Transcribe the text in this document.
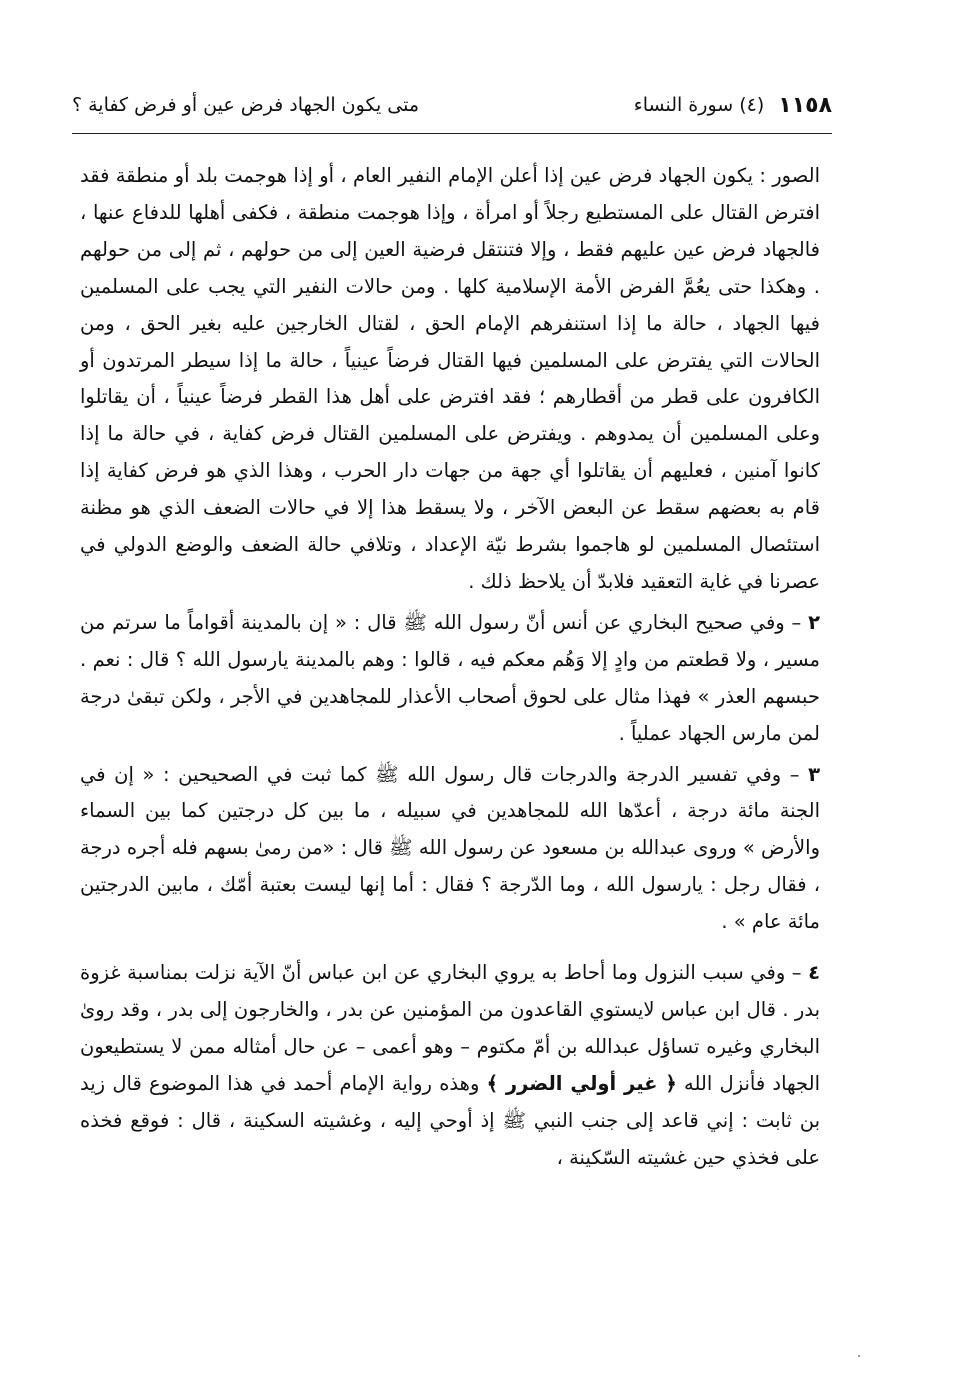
١١٥٨
(٤) سورة النساء
متى يكون الجهاد فرض عين أو فرض كفاية ؟

الصور : يكون الجهاد فرض عين إذا أعلن الإمام النفير العام ، أو إذا هوجمت بلد أو منطقة فقد افترض القتال على المستطيع رجلاً أو امرأة ، وإذا هوجمت منطقة ، فكفى أهلها للدفاع عنها ، فالجهاد فرض عين عليهم فقط ، وإلا فتنتقل فرضية العين إلى من حولهم ، ثم إلى من حولهم . وهكذا حتى يعُمَّ الفرض الأمة الإسلامية كلها . ومن حالات النفير التي يجب على المسلمين فيها الجهاد ، حالة ما إذا استنفرهم الإمام الحق ، لقتال الخارجين عليه بغير الحق ، ومن الحالات التي يفترض على المسلمين فيها القتال فرضاً عينياً ، حالة ما إذا سيطر المرتدون أو الكافرون على قطر من أقطارهم ؛ فقد افترض على أهل هذا القطر فرضاً عينياً ، أن يقاتلوا وعلى المسلمين أن يمدوهم . ويفترض على المسلمين القتال فرض كفاية ، في حالة ما إذا كانوا آمنين ، فعليهم أن يقاتلوا أي جهة من جهات دار الحرب ، وهذا الذي هو فرض كفاية إذا قام به بعضهم سقط عن البعض الآخر ، ولا يسقط هذا إلا في حالات الضعف الذي هو مظنة استئصال المسلمين لو هاجموا بشرط نيّة الإعداد ، وتلافي حالة الضعف والوضع الدولي في عصرنا في غاية التعقيد فلابدّ أن يلاحظ ذلك .

٢ – وفي صحيح البخاري عن أنس أنّ رسول الله ﷺ قال : « إن بالمدينة أقواماً ما سرتم من مسير ، ولا قطعتم من وادٍ إلا وَهُم معكم فيه ، قالوا : وهم بالمدينة يارسول الله ؟ قال : نعم . حبسهم العذر » فهذا مثال على لحوق أصحاب الأعذار للمجاهدين في الأجر ، ولكن تبقىٰ درجة لمن مارس الجهاد عملياً .

٣ – وفي تفسير الدرجة والدرجات قال رسول الله ﷺ كما ثبت في الصحيحين : « إن في الجنة مائة درجة ، أعدّها الله للمجاهدين في سبيله ، ما بين كل درجتين كما بين السماء والأرض » وروى عبدالله بن مسعود عن رسول الله ﷺ قال : «من رمىٰ بسهم فله أجره درجة ، فقال رجل : يارسول الله ، وما الدّرجة ؟ فقال : أما إنها ليست بعتبة أمّك ، مابين الدرجتين مائة عام » .

٤ – وفي سبب النزول وما أحاط به يروي البخاري عن ابن عباس أنّ الآية نزلت بمناسبة غزوة بدر . قال ابن عباس لايستوي القاعدون من المؤمنين عن بدر ، والخارجون إلى بدر ، وقد روىٰ البخاري وغيره تساؤل عبدالله بن أمّ مكتوم – وهو أعمى – عن حال أمثاله ممن لا يستطيعون الجهاد فأنزل الله ﴿ غير أولي الضرر ﴾ وهذه رواية الإمام أحمد في هذا الموضوع قال زيد بن ثابت : إني قاعد إلى جنب النبي ﷺ إذ أوحي إليه ، وغشيته السكينة ، قال : فوقع فخذه على فخذي حين غشيته السّكينة ،
